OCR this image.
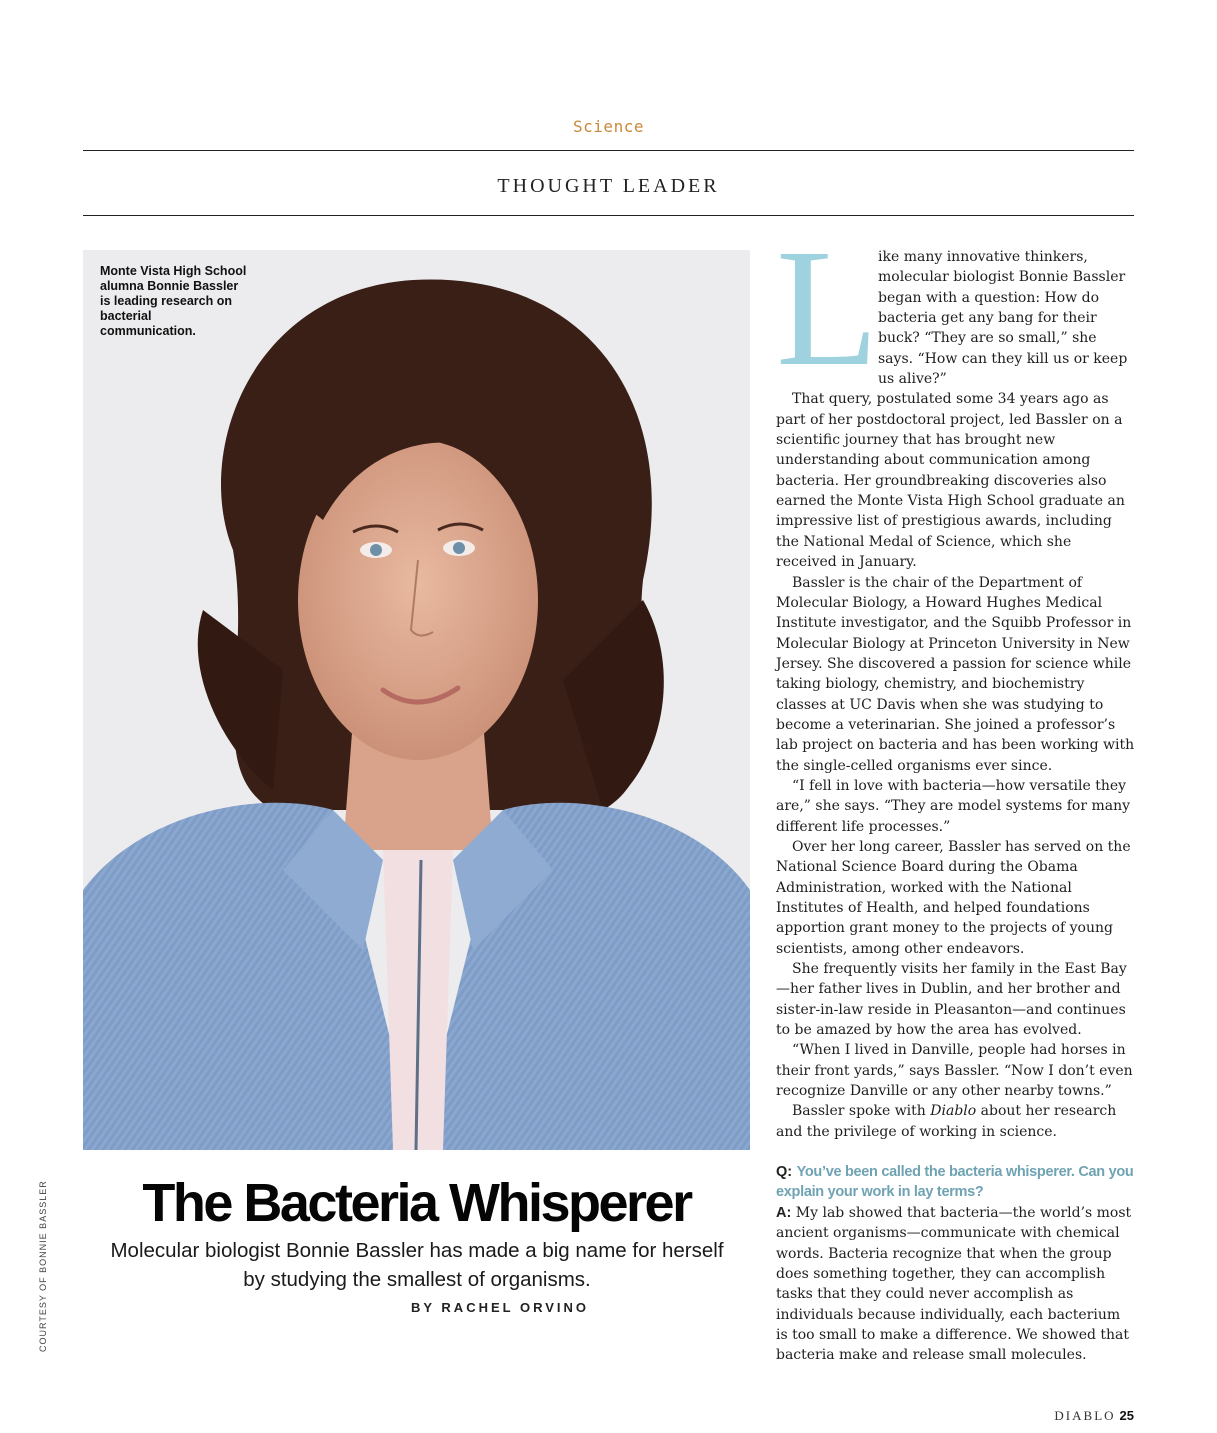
Science
THOUGHT LEADER
Monte Vista High School alumna Bonnie Bassler is leading research on bacterial communication.
The Bacteria Whisperer
Molecular biologist Bonnie Bassler has made a big name for herself by studying the smallest of organisms.
BY RACHEL ORVINO
COURTESY OF BONNIE BASSLER
L ike many innovative thinkers, molecular biologist Bonnie Bassler began with a question: How do bacteria get any bang for their buck? “They are so small,” she says. “How can they kill us or keep us alive?”

That query, postulated some 34 years ago as part of her postdoctoral project, led Bassler on a scientific journey that has brought new understanding about communication among bacteria. Her groundbreaking discoveries also earned the Monte Vista High School graduate an impressive list of prestigious awards, including the National Medal of Science, which she received in January.

Bassler is the chair of the Department of Molecular Biology, a Howard Hughes Medical Institute investigator, and the Squibb Professor in Molecular Biology at Princeton University in New Jersey. She discovered a passion for science while taking biology, chemistry, and biochemistry classes at UC Davis when she was studying to become a veterinarian. She joined a professor’s lab project on bacteria and has been working with the single-celled organisms ever since.

“I fell in love with bacteria—how versatile they are,” she says. “They are model systems for many different life processes.”

Over her long career, Bassler has served on the National Science Board during the Obama Administration, worked with the National Institutes of Health, and helped foundations apportion grant money to the projects of young scientists, among other endeavors.

She frequently visits her family in the East Bay—her father lives in Dublin, and her brother and sister-in-law reside in Pleasanton—and continues to be amazed by how the area has evolved.

“When I lived in Danville, people had horses in their front yards,” says Bassler. “Now I don’t even recognize Danville or any other nearby towns.”

Bassler spoke with Diablo about her research and the privilege of working in science.

Q: You’ve been called the bacteria whisperer. Can you explain your work in lay terms?

A: My lab showed that bacteria—the world’s most ancient organisms—communicate with chemical words. Bacteria recognize that when the group does something together, they can accomplish tasks that they could never accomplish as individuals because individually, each bacterium is too small to make a difference. We showed that bacteria make and release small molecules.

DIABLO 25
